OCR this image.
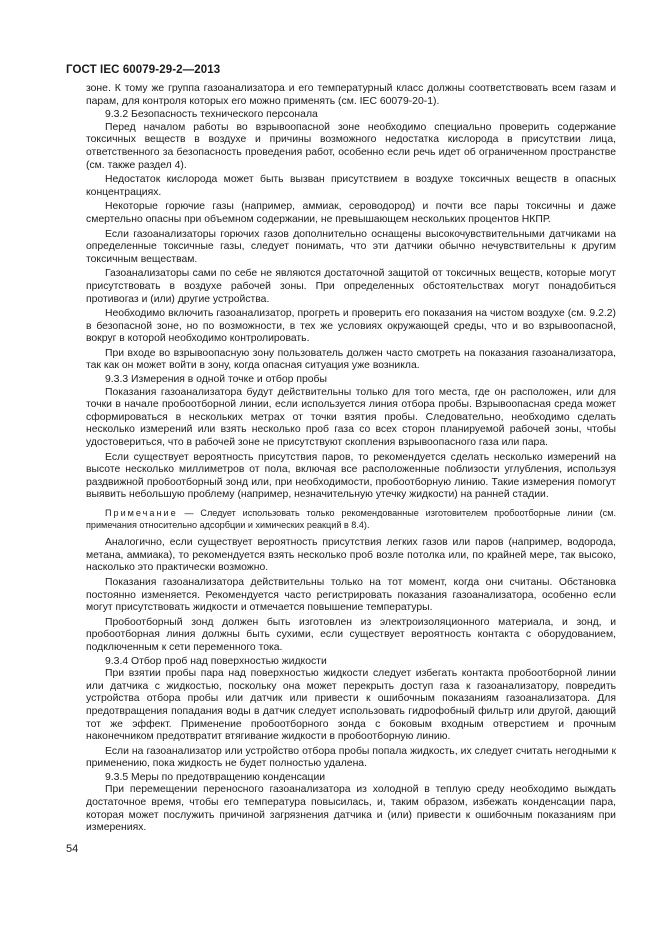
ГОСТ IEC 60079-29-2—2013

зоне. К тому же группа газоанализатора и его температурный класс должны соответствовать всем газам и парам, для контроля которых его можно применять (см. IEC 60079-20-1).

9.3.2 Безопасность технического персонала

Перед началом работы во взрывоопасной зоне необходимо специально проверить содержание токсичных веществ в воздухе и причины возможного недостатка кислорода в присутствии лица, ответственного за безопасность проведения работ, особенно если речь идет об ограниченном пространстве (см. также раздел 4).

Недостаток кислорода может быть вызван присутствием в воздухе токсичных веществ в опасных концентрациях.

Некоторые горючие газы (например, аммиак, сероводород) и почти все пары токсичны и даже смертельно опасны при объемном содержании, не превышающем нескольких процентов НКПР.

Если газоанализаторы горючих газов дополнительно оснащены высокочувствительными датчиками на определенные токсичные газы, следует понимать, что эти датчики обычно нечувствительны к другим токсичным веществам.

Газоанализаторы сами по себе не являются достаточной защитой от токсичных веществ, которые могут присутствовать в воздухе рабочей зоны. При определенных обстоятельствах могут понадобиться противогаз и (или) другие устройства.

Необходимо включить газоанализатор, прогреть и проверить его показания на чистом воздухе (см. 9.2.2) в безопасной зоне, но по возможности, в тех же условиях окружающей среды, что и во взрывоопасной, вокруг в которой необходимо контролировать.

При входе во взрывоопасную зону пользователь должен часто смотреть на показания газоанализатора, так как он может войти в зону, когда опасная ситуация уже возникла.

9.3.3 Измерения в одной точке и отбор пробы

Показания газоанализатора будут действительны только для того места, где он расположен, или для точки в начале пробоотборной линии, если используется линия отбора пробы. Взрывоопасная среда может сформироваться в нескольких метрах от точки взятия пробы. Следовательно, необходимо сделать несколько измерений или взять несколько проб газа со всех сторон планируемой рабочей зоны, чтобы удостовериться, что в рабочей зоне не присутствуют скопления взрывоопасного газа или пара.

Если существует вероятность присутствия паров, то рекомендуется сделать несколько измерений на высоте несколько миллиметров от пола, включая все расположенные поблизости углубления, используя раздвижной пробоотборный зонд или, при необходимости, пробоотборную линию. Такие измерения помогут выявить небольшую проблему (например, незначительную утечку жидкости) на ранней стадии.

Примечание — Следует использовать только рекомендованные изготовителем пробоотборные линии (см. примечания относительно адсорбции и химических реакций в 8.4).

Аналогично, если существует вероятность присутствия легких газов или паров (например, водорода, метана, аммиака), то рекомендуется взять несколько проб возле потолка или, по крайней мере, так высоко, насколько это практически возможно.

Показания газоанализатора действительны только на тот момент, когда они считаны. Обстановка постоянно изменяется. Рекомендуется часто регистрировать показания газоанализатора, особенно если могут присутствовать жидкости и отмечается повышение температуры.

Пробоотборный зонд должен быть изготовлен из электроизоляционного материала, и зонд, и пробоотборная линия должны быть сухими, если существует вероятность контакта с оборудованием, подключенным к сети переменного тока.

9.3.4 Отбор проб над поверхностью жидкости

При взятии пробы пара над поверхностью жидкости следует избегать контакта пробоотборной линии или датчика с жидкостью, поскольку она может перекрыть доступ газа к газоанализатору, повредить устройства отбора пробы или датчик или привести к ошибочным показаниям газоанализатора. Для предотвращения попадания воды в датчик следует использовать гидрофобный фильтр или другой, дающий тот же эффект. Применение пробоотборного зонда с боковым входным отверстием и прочным наконечником предотвратит втягивание жидкости в пробоотборную линию.

Если на газоанализатор или устройство отбора пробы попала жидкость, их следует считать негодными к применению, пока жидкость не будет полностью удалена.

9.3.5 Меры по предотвращению конденсации

При перемещении переносного газоанализатора из холодной в теплую среду необходимо выждать достаточное время, чтобы его температура повысилась, и, таким образом, избежать конденсации пара, которая может послужить причиной загрязнения датчика и (или) привести к ошибочным показаниям при измерениях.

54
